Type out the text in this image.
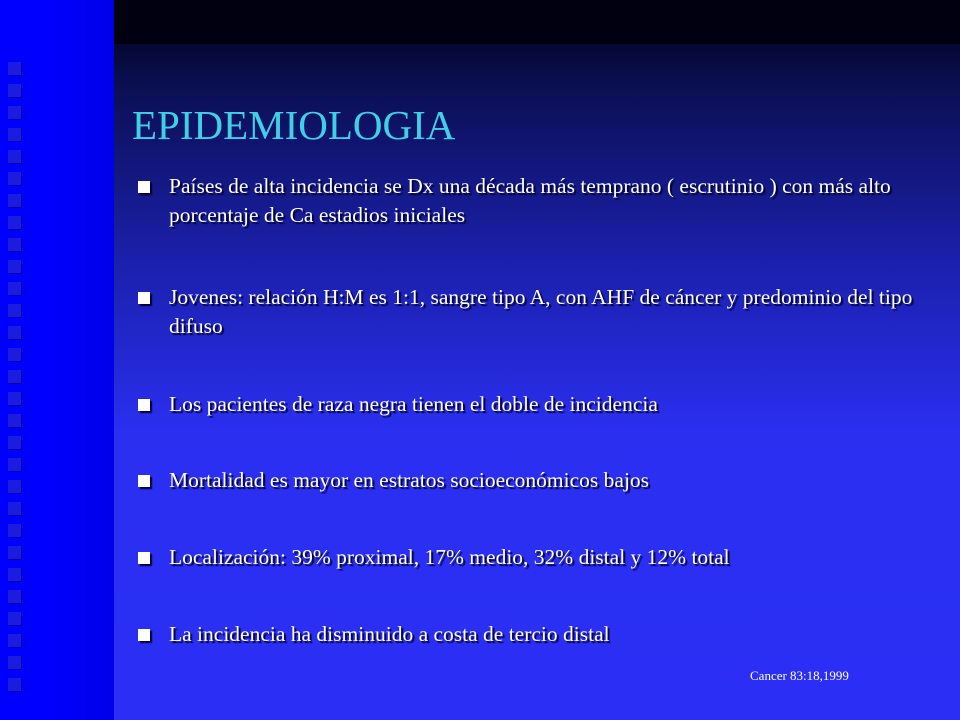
EPIDEMIOLOGIA
Países de alta incidencia se Dx una década más temprano ( escrutinio ) con más alto porcentaje de Ca estadios iniciales
Jovenes: relación H:M es 1:1, sangre tipo A, con AHF de cáncer y predominio del tipo difuso
Los pacientes de raza negra tienen el doble de incidencia
Mortalidad es mayor en estratos socioeconómicos bajos
Localización: 39% proximal, 17% medio, 32% distal y 12% total
La incidencia ha disminuido a costa de tercio distal
Cancer 83:18,1999
